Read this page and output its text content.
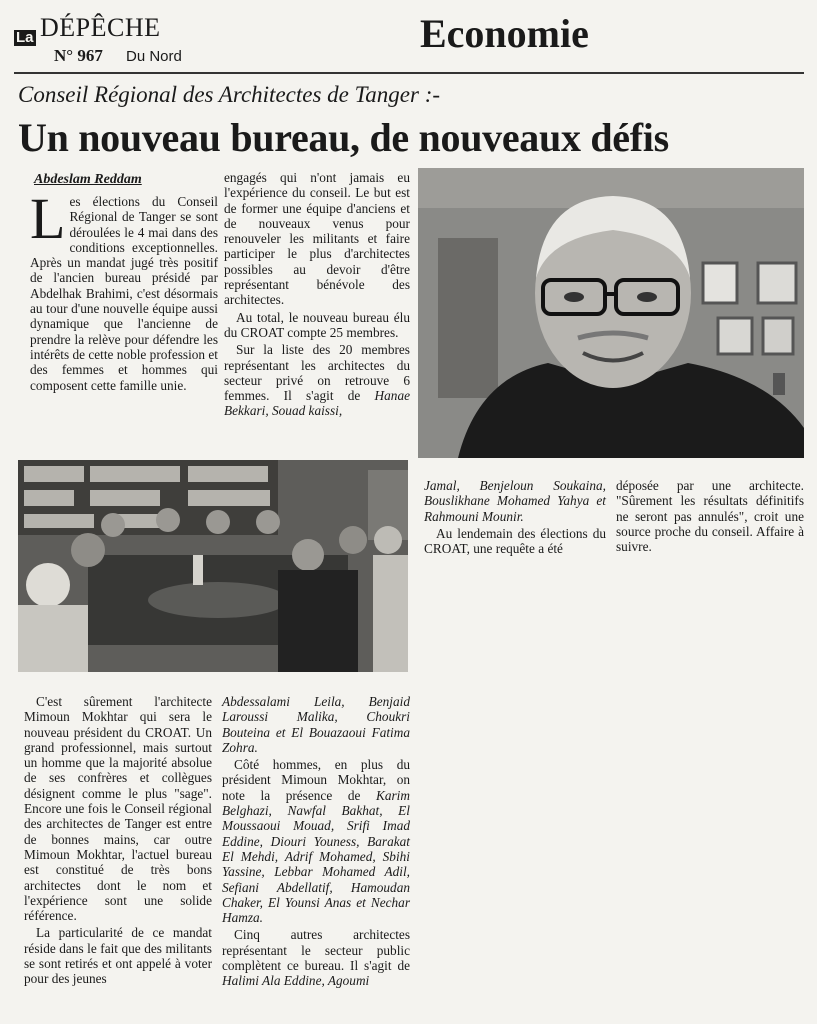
La DÉPÊCHE
N° 967 Du Nord
Economie
Conseil Régional des Architectes de Tanger :-
Un nouveau bureau, de nouveaux défis
Abdeslam Reddam
Les élections du Conseil Régional de Tanger se sont déroulées le 4 mai dans des conditions exceptionnelles. Après un mandat jugé très positif de l'ancien bureau présidé par Abdelhak Brahimi, c'est désormais au tour d'une nouvelle équipe aussi dynamique que l'ancienne de prendre la relève pour défendre les intérêts de cette noble profession et des femmes et hommes qui composent cette famille unie.

engagés qui n'ont jamais eu l'expérience du conseil. Le but est de former une équipe d'anciens et de nouveaux venus pour renouveler les militants et faire participer le plus d'architectes possibles au devoir d'être représentant bénévole des architectes.

Au total, le nouveau bureau élu du CROAT compte 25 membres.

Sur la liste des 20 membres représentant les architectes du secteur privé on retrouve 6 femmes. Il s'agit de Hanae Bekkari, Souad kaissi,

Jamal, Benjeloun Soukaina, Bouslikhane Mohamed Yahya et Rahmouni Mounir.

Au lendemain des élections du CROAT, une requête a été

déposée par une architecte. "Sûrement les résultats définitifs ne seront pas annulés", croit une source proche du conseil. Affaire à suivre.

C'est sûrement l'architecte Mimoun Mokhtar qui sera le nouveau président du CROAT. Un grand professionnel, mais surtout un homme que la majorité absolue de ses confrères et collègues désignent comme le plus "sage". Encore une fois le Conseil régional des architectes de Tanger est entre de bonnes mains, car outre Mimoun Mokhtar, l'actuel bureau est constitué de très bons architectes dont le nom et l'expérience sont une solide référence.

La particularité de ce mandat réside dans le fait que des militants se sont retirés et ont appelé à voter pour des jeunes

Abdessalami Leila, Benjaid Laroussi Malika, Choukri Bouteina et El Bouazaoui Fatima Zohra.

Côté hommes, en plus du président Mimoun Mokhtar, on note la présence de Karim Belghazi, Nawfal Bakhat, El Moussaoui Mouad, Srifi Imad Eddine, Diouri Youness, Barakat El Mehdi, Adrif Mohamed, Sbihi Yassine, Lebbar Mohamed Adil, Sefiani Abdellatif, Hamoudan Chaker, El Younsi Anas et Nechar Hamza.

Cinq autres architectes représentant le secteur public complètent ce bureau. Il s'agit de Halimi Ala Eddine, Agoumi
